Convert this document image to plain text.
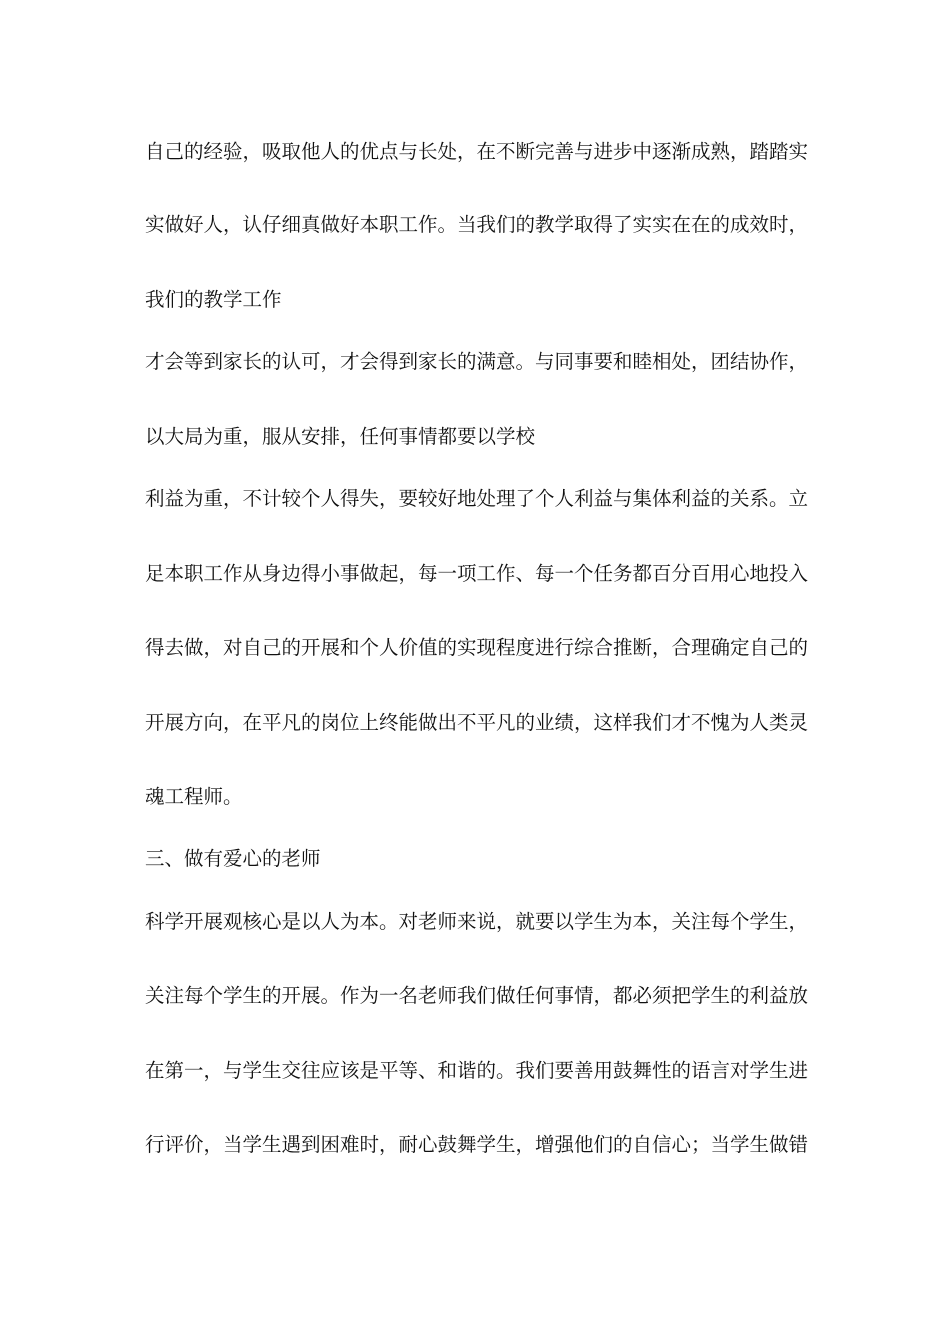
自己的经验，吸取他人的优点与长处，在不断完善与进步中逐渐成熟，踏踏实
实做好人，认仔细真做好本职工作。当我们的教学取得了实实在在的成效时，
我们的教学工作
才会等到家长的认可，才会得到家长的满意。与同事要和睦相处，团结协作，
以大局为重，服从安排，任何事情都要以学校
利益为重，不计较个人得失，要较好地处理了个人利益与集体利益的关系。立
足本职工作从身边得小事做起，每一项工作、每一个任务都百分百用心地投入
得去做，对自己的开展和个人价值的实现程度进行综合推断，合理确定自己的
开展方向，在平凡的岗位上终能做出不平凡的业绩，这样我们才不愧为人类灵
魂工程师。
三、做有爱心的老师
科学开展观核心是以人为本。对老师来说，就要以学生为本，关注每个学生，
关注每个学生的开展。作为一名老师我们做任何事情，都必须把学生的利益放
在第一，与学生交往应该是平等、和谐的。我们要善用鼓舞性的语言对学生进
行评价，当学生遇到困难时，耐心鼓舞学生，增强他们的自信心；当学生做错
